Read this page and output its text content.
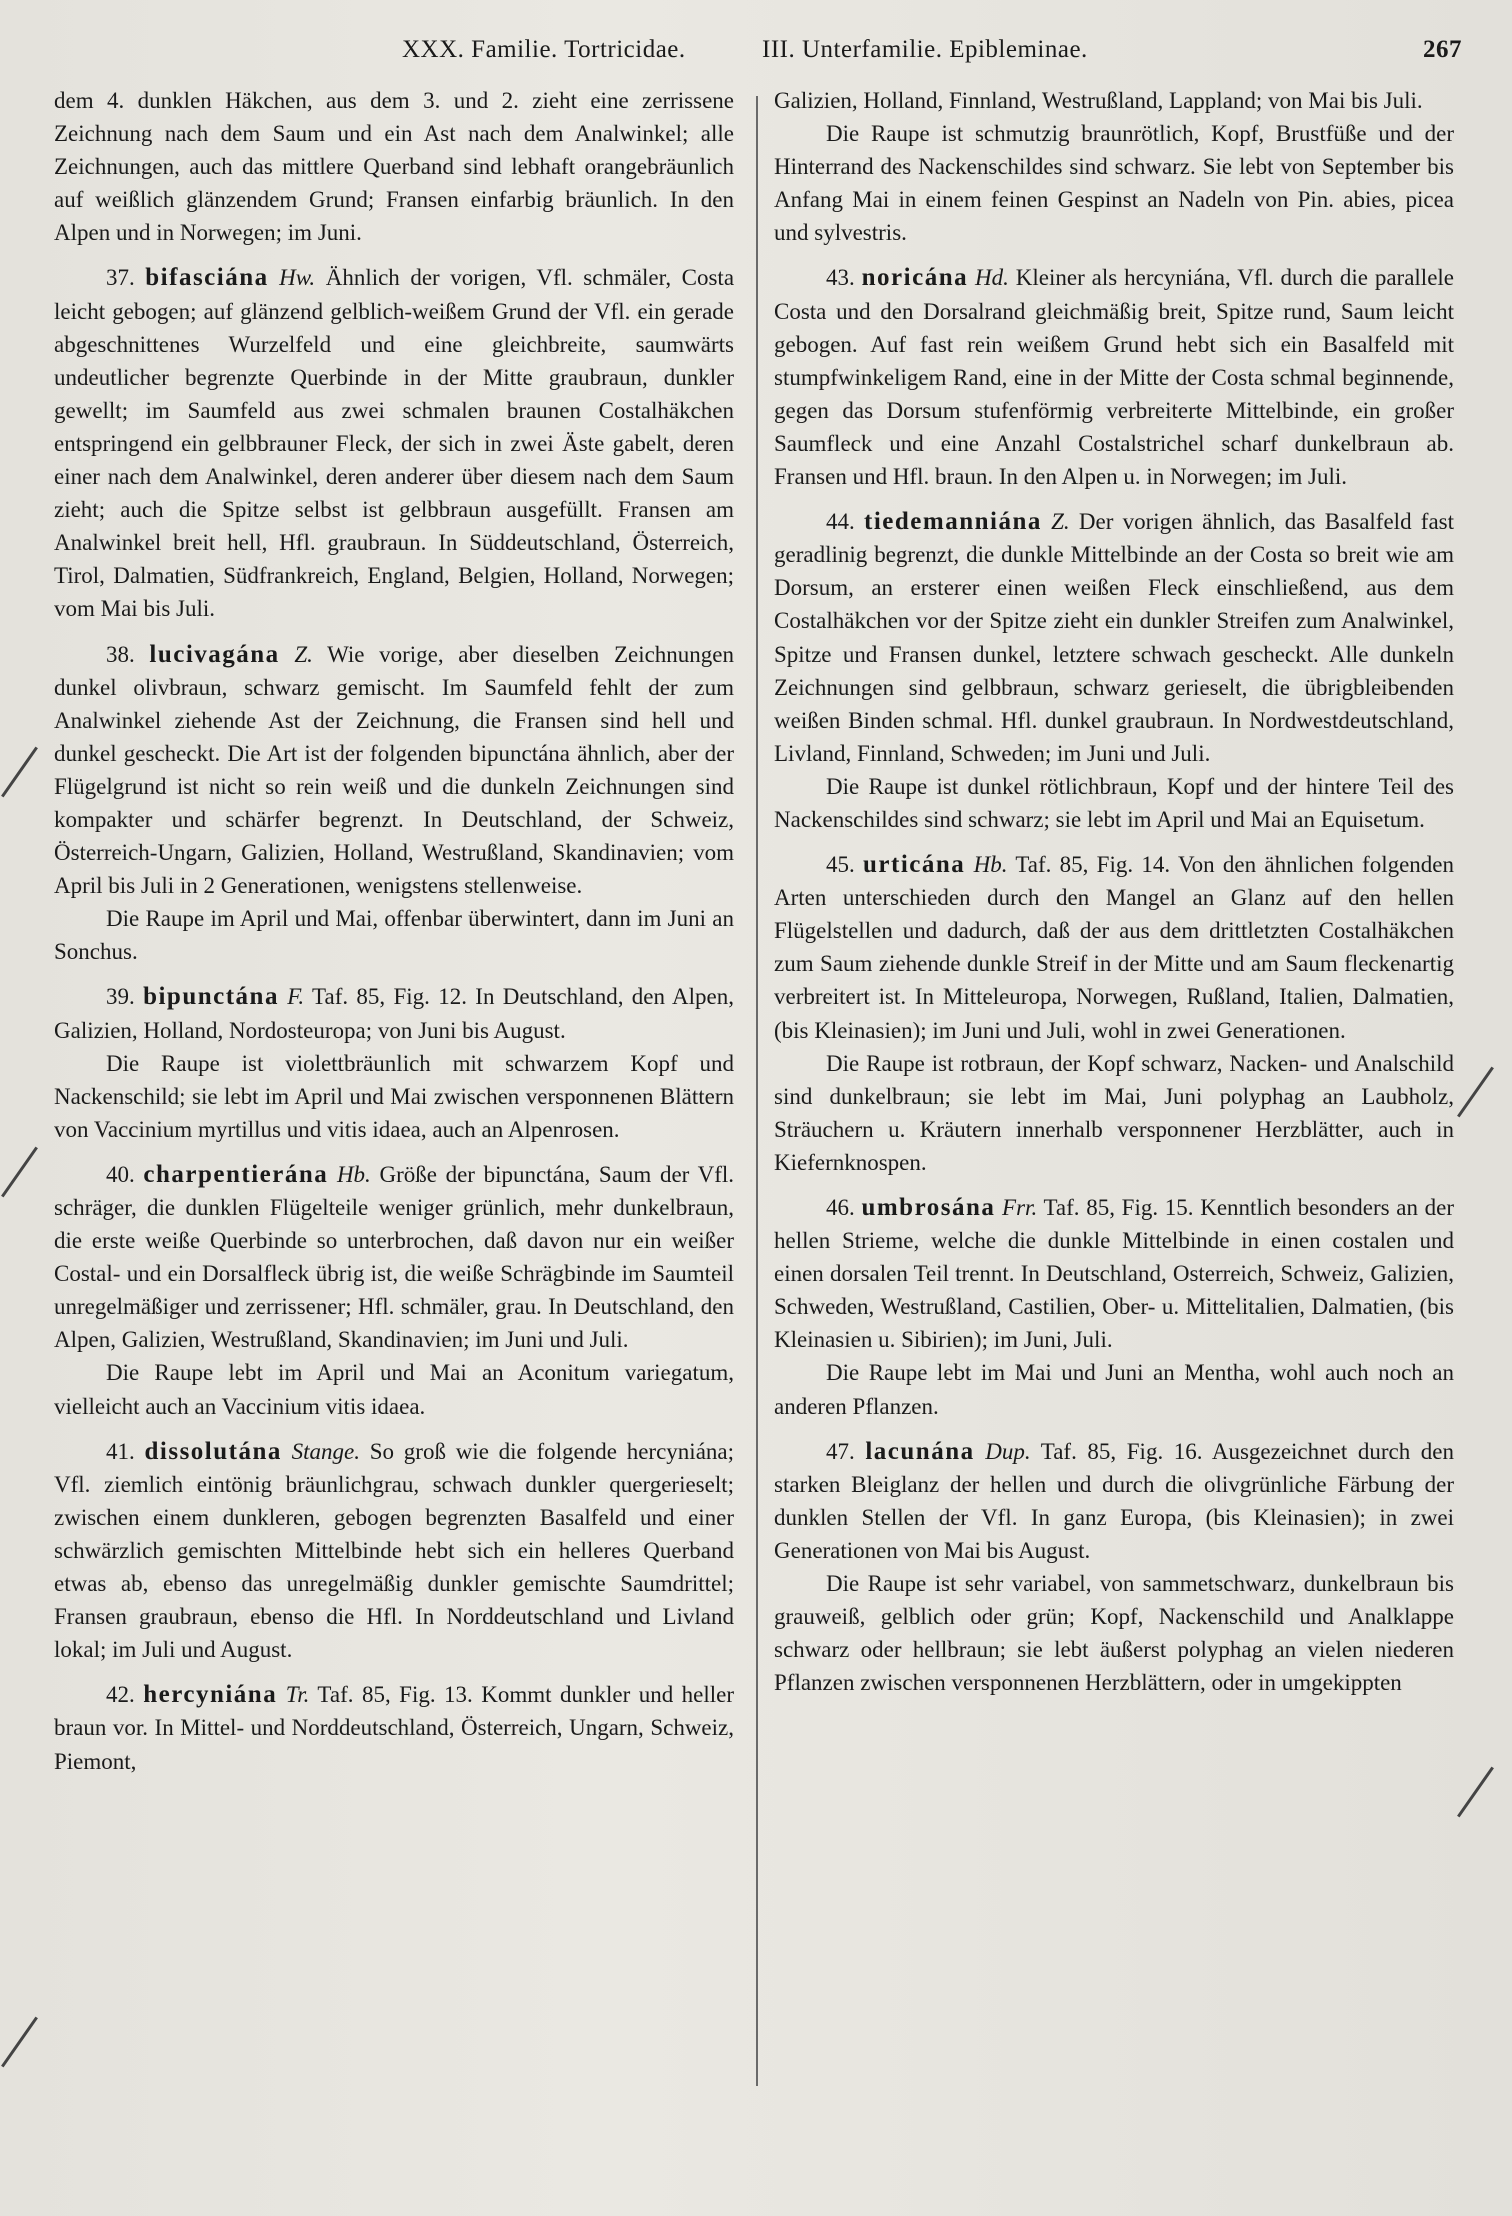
XXX. Familie. Tortricidae.	III. Unterfamilie. Epibleminae.	267

dem 4. dunklen Häkchen, aus dem 3. und 2. zieht eine zerrissene Zeichnung nach dem Saum und ein Ast nach dem Analwinkel; alle Zeichnungen, auch das mittlere Querband sind lebhaft orangebräunlich auf weißlich glänzendem Grund; Fransen einfarbig bräunlich. In den Alpen und in Norwegen; im Juni.

37. bifasciána Hw. Ähnlich der vorigen, Vfl. schmäler, Costa leicht gebogen; auf glänzend gelblich-weißem Grund der Vfl. ein gerade abgeschnittenes Wurzelfeld und eine gleichbreite, saumwärts undeutlicher begrenzte Querbinde in der Mitte graubraun, dunkler gewellt; im Saumfeld aus zwei schmalen braunen Costalhäkchen entspringend ein gelbbrauner Fleck, der sich in zwei Äste gabelt, deren einer nach dem Analwinkel, deren anderer über diesem nach dem Saum zieht; auch die Spitze selbst ist gelbbraun ausgefüllt. Fransen am Analwinkel breit hell, Hfl. graubraun. In Süddeutschland, Österreich, Tirol, Dalmatien, Südfrankreich, England, Belgien, Holland, Norwegen; vom Mai bis Juli.

38. lucivagána Z. Wie vorige, aber dieselben Zeichnungen dunkel olivbraun, schwarz gemischt. Im Saumfeld fehlt der zum Analwinkel ziehende Ast der Zeichnung, die Fransen sind hell und dunkel gescheckt. Die Art ist der folgenden bipunctána ähnlich, aber der Flügelgrund ist nicht so rein weiß und die dunkeln Zeichnungen sind kompakter und schärfer begrenzt. In Deutschland, der Schweiz, Österreich-Ungarn, Galizien, Holland, Westrußland, Skandinavien; vom April bis Juli in 2 Generationen, wenigstens stellenweise.

Die Raupe im April und Mai, offenbar überwintert, dann im Juni an Sonchus.

39. bipunctána F. Taf. 85, Fig. 12. In Deutschland, den Alpen, Galizien, Holland, Nordosteuropa; von Juni bis August.

Die Raupe ist violettbräunlich mit schwarzem Kopf und Nackenschild; sie lebt im April und Mai zwischen versponnenen Blättern von Vaccinium myrtillus und vitis idaea, auch an Alpenrosen.

40. charpentierána Hb. Größe der bipunctána, Saum der Vfl. schräger, die dunklen Flügelteile weniger grünlich, mehr dunkelbraun, die erste weiße Querbinde so unterbrochen, daß davon nur ein weißer Costal- und ein Dorsalfleck übrig ist, die weiße Schrägbinde im Saumteil unregelmäßiger und zerrissener; Hfl. schmäler, grau. In Deutschland, den Alpen, Galizien, Westrußland, Skandinavien; im Juni und Juli.

Die Raupe lebt im April und Mai an Aconitum variegatum, vielleicht auch an Vaccinium vitis idaea.

41. dissolutána Stange. So groß wie die folgende hercyniána; Vfl. ziemlich eintönig bräunlichgrau, schwach dunkler quergerieselt; zwischen einem dunkleren, gebogen begrenzten Basalfeld und einer schwärzlich gemischten Mittelbinde hebt sich ein helleres Querband etwas ab, ebenso das unregelmäßig dunkler gemischte Saumdrittel; Fransen graubraun, ebenso die Hfl. In Norddeutschland und Livland lokal; im Juli und August.

42. hercyniána Tr. Taf. 85, Fig. 13. Kommt dunkler und heller braun vor. In Mittel- und Norddeutschland, Österreich, Ungarn, Schweiz, Piemont,

Galizien, Holland, Finnland, Westrußland, Lappland; von Mai bis Juli.

Die Raupe ist schmutzig braunrötlich, Kopf, Brustfüße und der Hinterrand des Nackenschildes sind schwarz. Sie lebt von September bis Anfang Mai in einem feinen Gespinst an Nadeln von Pin. abies, picea und sylvestris.

43. noricána Hd. Kleiner als hercyniána, Vfl. durch die parallele Costa und den Dorsalrand gleichmäßig breit, Spitze rund, Saum leicht gebogen. Auf fast rein weißem Grund hebt sich ein Basalfeld mit stumpfwinkeligem Rand, eine in der Mitte der Costa schmal beginnende, gegen das Dorsum stufenförmig verbreiterte Mittelbinde, ein großer Saumfleck und eine Anzahl Costalstrichel scharf dunkelbraun ab. Fransen und Hfl. braun. In den Alpen u. in Norwegen; im Juli.

44. tiedemanniána Z. Der vorigen ähnlich, das Basalfeld fast geradlinig begrenzt, die dunkle Mittelbinde an der Costa so breit wie am Dorsum, an ersterer einen weißen Fleck einschließend, aus dem Costalhäkchen vor der Spitze zieht ein dunkler Streifen zum Analwinkel, Spitze und Fransen dunkel, letztere schwach gescheckt. Alle dunkeln Zeichnungen sind gelbbraun, schwarz gerieselt, die übrigbleibenden weißen Binden schmal. Hfl. dunkel graubraun. In Nordwestdeutschland, Livland, Finnland, Schweden; im Juni und Juli.

Die Raupe ist dunkel rötlichbraun, Kopf und der hintere Teil des Nackenschildes sind schwarz; sie lebt im April und Mai an Equisetum.

45. urticána Hb. Taf. 85, Fig. 14. Von den ähnlichen folgenden Arten unterschieden durch den Mangel an Glanz auf den hellen Flügelstellen und dadurch, daß der aus dem drittletzten Costalhäkchen zum Saum ziehende dunkle Streif in der Mitte und am Saum fleckenartig verbreitert ist. In Mitteleuropa, Norwegen, Rußland, Italien, Dalmatien, (bis Kleinasien); im Juni und Juli, wohl in zwei Generationen.

Die Raupe ist rotbraun, der Kopf schwarz, Nacken- und Analschild sind dunkelbraun; sie lebt im Mai, Juni polyphag an Laubholz, Sträuchern u. Kräutern innerhalb versponnener Herzblätter, auch in Kiefernknospen.

46. umbrosána Frr. Taf. 85, Fig. 15. Kenntlich besonders an der hellen Strieme, welche die dunkle Mittelbinde in einen costalen und einen dorsalen Teil trennt. In Deutschland, Osterreich, Schweiz, Galizien, Schweden, Westrußland, Castilien, Ober- u. Mittelitalien, Dalmatien, (bis Kleinasien u. Sibirien); im Juni, Juli.

Die Raupe lebt im Mai und Juni an Mentha, wohl auch noch an anderen Pflanzen.

47. lacunána Dup. Taf. 85, Fig. 16. Ausgezeichnet durch den starken Bleiglanz der hellen und durch die olivgrünliche Färbung der dunklen Stellen der Vfl. In ganz Europa, (bis Kleinasien); in zwei Generationen von Mai bis August.

Die Raupe ist sehr variabel, von sammetschwarz, dunkelbraun bis grauweiß, gelblich oder grün; Kopf, Nackenschild und Analklappe schwarz oder hellbraun; sie lebt äußerst polyphag an vielen niederen Pflanzen zwischen versponnenen Herzblättern, oder in umgekippten
